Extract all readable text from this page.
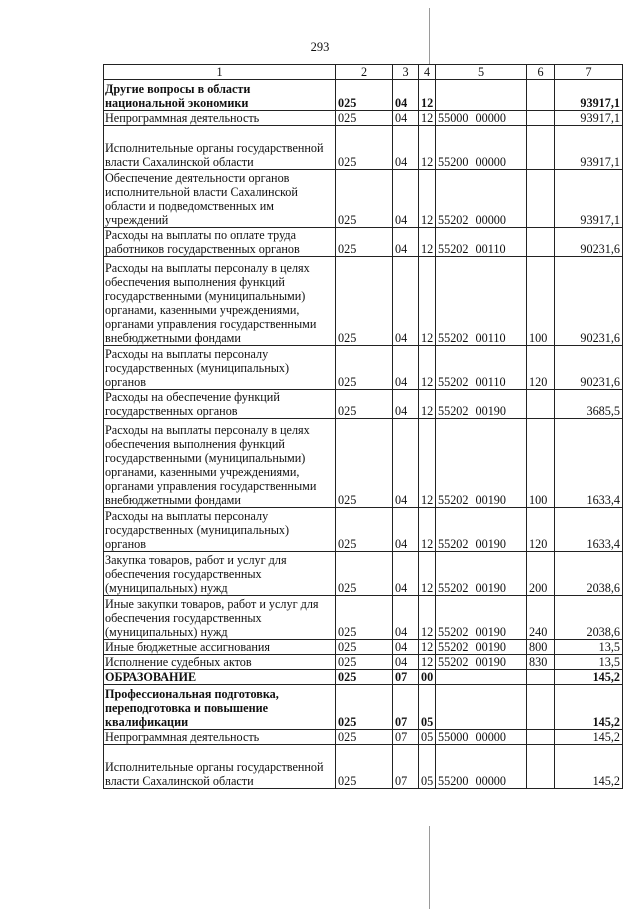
293
1	2	3	4	5	6	7
Другие вопросы в области национальной экономики	025	04	12			93917,1
Непрограммная деятельность	025	04	12	55000 00000		93917,1
Исполнительные органы государственной власти Сахалинской области	025	04	12	55200 00000		93917,1
Обеспечение деятельности органов исполнительной власти Сахалинской области и подведомственных им учреждений	025	04	12	55202 00000		93917,1
Расходы на выплаты по оплате труда работников государственных органов	025	04	12	55202 00110		90231,6
Расходы на выплаты персоналу в целях обеспечения выполнения функций государственными (муниципальными) органами, казенными учреждениями, органами управления государственными внебюджетными фондами	025	04	12	55202 00110	100	90231,6
Расходы на выплаты персоналу государственных (муниципальных) органов	025	04	12	55202 00110	120	90231,6
Расходы на обеспечение функций государственных органов	025	04	12	55202 00190		3685,5
Расходы на выплаты персоналу в целях обеспечения выполнения функций государственными (муниципальными) органами, казенными учреждениями, органами управления государственными внебюджетными фондами	025	04	12	55202 00190	100	1633,4
Расходы на выплаты персоналу государственных (муниципальных) органов	025	04	12	55202 00190	120	1633,4
Закупка товаров, работ и услуг для обеспечения государственных (муниципальных) нужд	025	04	12	55202 00190	200	2038,6
Иные закупки товаров, работ и услуг для обеспечения государственных (муниципальных) нужд	025	04	12	55202 00190	240	2038,6
Иные бюджетные ассигнования	025	04	12	55202 00190	800	13,5
Исполнение судебных актов	025	04	12	55202 00190	830	13,5
ОБРАЗОВАНИЕ	025	07	00			145,2
Профессиональная подготовка, переподготовка и повышение квалификации	025	07	05			145,2
Непрограммная деятельность	025	07	05	55000 00000		145,2
Исполнительные органы государственной власти Сахалинской области	025	07	05	55200 00000		145,2
